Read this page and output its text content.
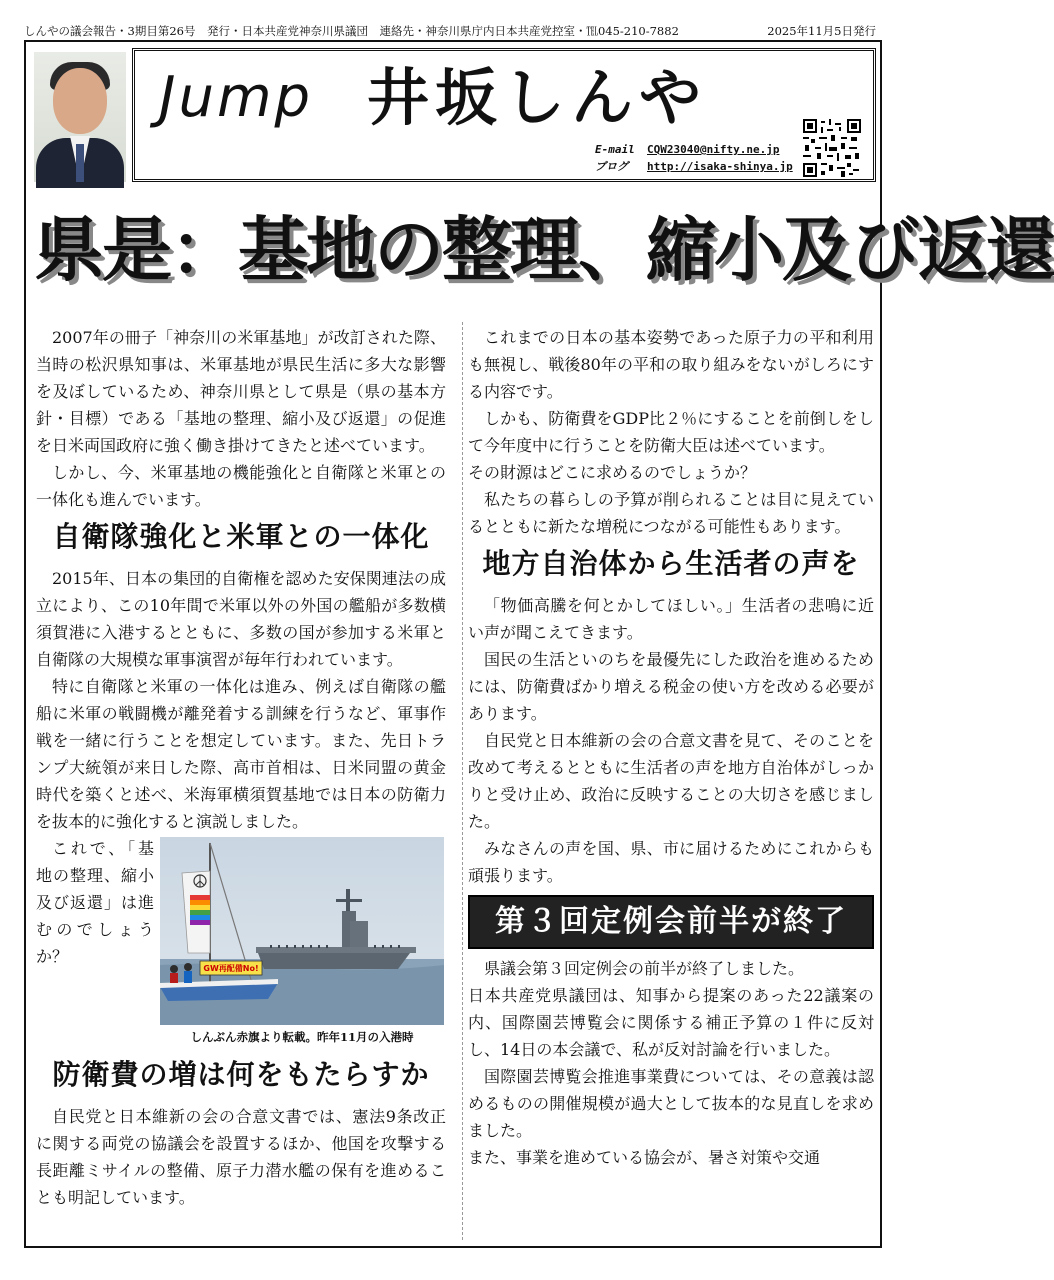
しんやの議会報告・3期目第26号　発行・日本共産党神奈川県議団　連絡先・神奈川県庁内日本共産党控室・℡045-210-7882	2025年11月5日発行
Jump 井坂しんや
E-mail CQW23040@nifty.ne.jp
ブログ http://isaka-shinya.jp
県是：基地の整理、縮小及び返還

2007年の冊子「神奈川の米軍基地」が改訂された際、当時の松沢県知事は、米軍基地が県民生活に多大な影響を及ぼしているため、神奈川県として県是（県の基本方針・目標）である「基地の整理、縮小及び返還」の促進を日米両国政府に強く働き掛けてきたと述べています。

しかし、今、米軍基地の機能強化と自衛隊と米軍との一体化も進んでいます。

自衛隊強化と米軍との一体化

2015年、日本の集団的自衛権を認めた安保関連法の成立により、この10年間で米軍以外の外国の艦船が多数横須賀港に入港するとともに、多数の国が参加する米軍と自衛隊の大規模な軍事演習が毎年行われています。

特に自衛隊と米軍の一体化は進み、例えば自衛隊の艦船に米軍の戦闘機が離発着する訓練を行うなど、軍事作戦を一緒に行うことを想定しています。また、先日トランプ大統領が来日した際、高市首相は、日米同盟の黄金時代を築くと述べ、米海軍横須賀基地では日本の防衛力を抜本的に強化すると演説しました。

これで、「基地の整理、縮小及び返還」は進むのでしょうか？

GW再配備No!
しんぶん赤旗より転載。昨年11月の入港時
防衛費の増は何をもたらすか

自民党と日本維新の会の合意文書では、憲法9条改正に関する両党の協議会を設置するほか、他国を攻撃する長距離ミサイルの整備、原子力潜水艦の保有を進めることも明記しています。

これまでの日本の基本姿勢であった原子力の平和利用も無視し、戦後80年の平和の取り組みをないがしろにする内容です。

しかも、防衛費をGDP比２％にすることを前倒しをして今年度中に行うことを防衛大臣は述べています。

その財源はどこに求めるのでしょうか？

私たちの暮らしの予算が削られることは目に見えているとともに新たな増税につながる可能性もあります。

地方自治体から生活者の声を

「物価高騰を何とかしてほしい。」生活者の悲鳴に近い声が聞こえてきます。

国民の生活といのちを最優先にした政治を進めるためには、防衛費ばかり増える税金の使い方を改める必要があります。

自民党と日本維新の会の合意文書を見て、そのことを改めて考えるとともに生活者の声を地方自治体がしっかりと受け止め、政治に反映することの大切さを感じました。

みなさんの声を国、県、市に届けるためにこれからも頑張ります。

第３回定例会前半が終了

県議会第３回定例会の前半が終了しました。

日本共産党県議団は、知事から提案のあった22議案の内、国際園芸博覧会に関係する補正予算の１件に反対し、14日の本会議で、私が反対討論を行いました。

国際園芸博覧会推進事業費については、その意義は認めるものの開催規模が過大として抜本的な見直しを求めました。

また、事業を進めている協会が、暑さ対策や交通
